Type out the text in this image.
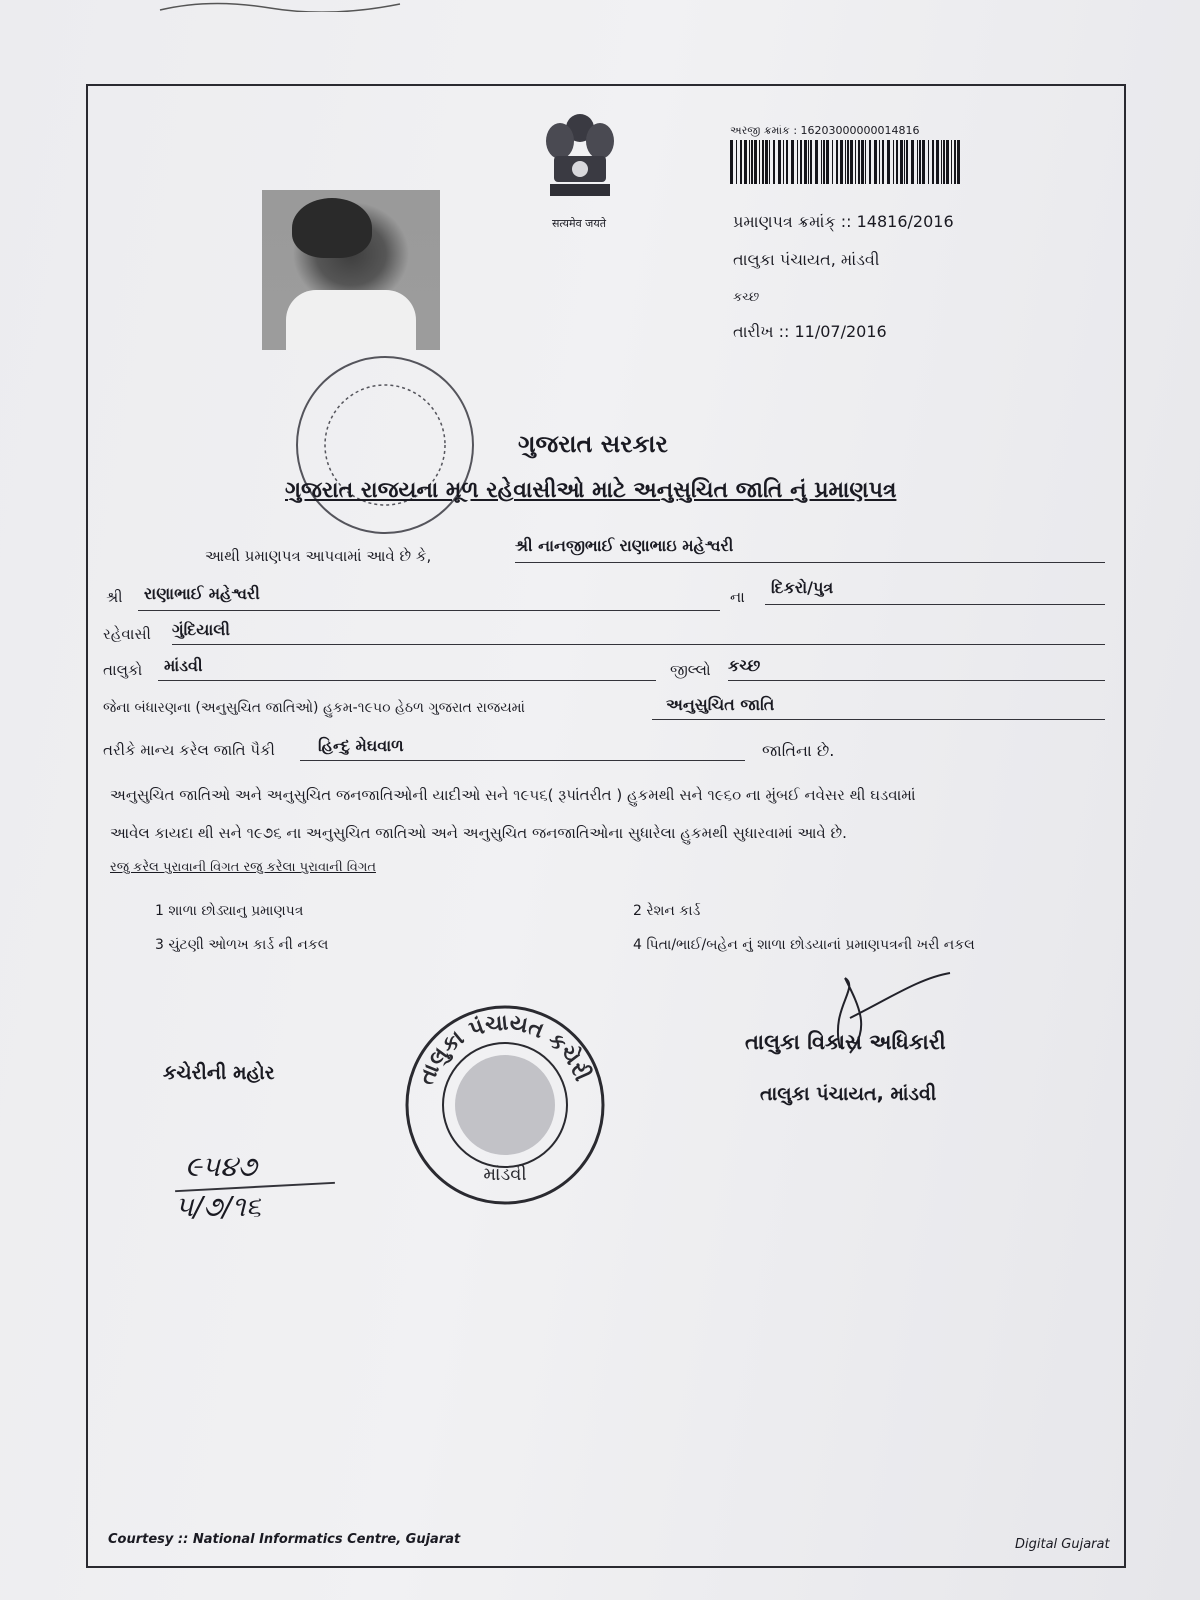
सत्यमेव जयते
અરજી ક્રમાંક : 16203000000014816
પ્રમાણપત્ર ક્રમાંક્ :: 14816/2016
તાલુકા પંચાયત, માંડવી
કચ્છ
તારીખ :: 11/07/2016
ગુજરાત સરકાર
ગુજરાત રાજયના મૂળ રહેવાસીઓ માટે અનુસુચિત જાતિ નું પ્રમાણપત્ર
આથી પ્રમાણપત્ર આપવામાં આવે છે કે,
શ્રી નાનજીભાઈ રાણાભાઇ મહેશ્વરી
શ્રી	રાણાભાઈ મહેશ્વરી	ના	દિકરો/પુત્ર
રહેવાસી ગુંદિયાલી
તાલુકો	માંડવી	જીલ્લો કચ્છ
જેના બંધારણના (અનુસુચિત જાતિઓ) હુકમ-૧૯૫૦ હેઠળ ગુજરાત રાજયમાં	અનુસુચિત જાતિ
તરીકે માન્ય કરેલ જાતિ પૈકી	હિન્દુ મેઘવાળ	જાતિના છે.
અનુસુચિત જાતિઓ અને અનુસુચિત જનજાતિઓની યાદીઓ સને ૧૯૫૬( રૂપાંતરીત ) હુકમથી સને ૧૯૬૦ ના મુંબઈ નવેસર થી ઘડવામાં
આવેલ કાયદા થી સને ૧૯૭૬ ના અનુસુચિત જાતિઓ અને અનુસુચિત જનજાતિઓના સુધારેલા હુકમથી સુધારવામાં આવે છે.
રજુ કરેલ પુરાવાની વિગત રજુ કરેલા પુરાવાની વિગત
1 શાળા છોડ્યાનુ પ્રમાણપત્ર	2 રેશન કાર્ડ
3 ચુંટણી ઓળખ કાર્ડ ની નકલ	4 પિતા/ભાઈ/બહેન નું શાળા છોડયાનાં પ્રમાણપત્રની ખરી નકલ
કચેરીની મહોર	તાલુકા પંચાયત કચેરી
માંડવી
તાલુકા વિકાસ અધિકારી
તાલુકા પંચાયત, માંડવી
૯૫૪૭
૫/૭/૧૬
Courtesy :: National Informatics Centre, Gujarat	Digital Gujarat
